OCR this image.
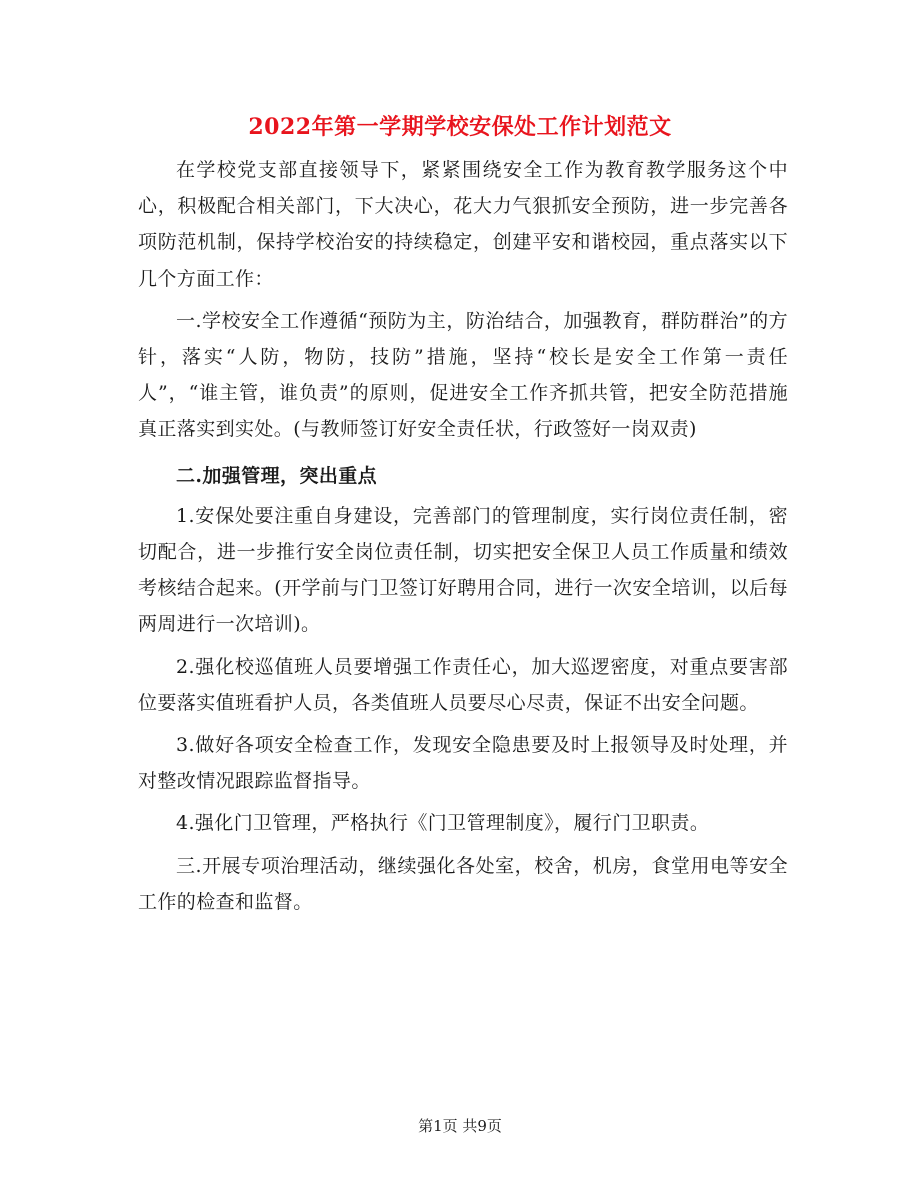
2022年第一学期学校安保处工作计划范文

在学校党支部直接领导下，紧紧围绕安全工作为教育教学服务这个中心，积极配合相关部门，下大决心，花大力气狠抓安全预防，进一步完善各项防范机制，保持学校治安的持续稳定，创建平安和谐校园，重点落实以下几个方面工作：

一.学校安全工作遵循“预防为主，防治结合，加强教育，群防群治”的方针，落实“人防，物防，技防”措施，坚持“校长是安全工作第一责任人”，“谁主管，谁负责”的原则，促进安全工作齐抓共管，把安全防范措施真正落实到实处。(与教师签订好安全责任状，行政签好一岗双责)

二.加强管理，突出重点

1.安保处要注重自身建设，完善部门的管理制度，实行岗位责任制，密切配合，进一步推行安全岗位责任制，切实把安全保卫人员工作质量和绩效考核结合起来。(开学前与门卫签订好聘用合同，进行一次安全培训，以后每两周进行一次培训)。

2.强化校巡值班人员要增强工作责任心，加大巡逻密度，对重点要害部位要落实值班看护人员，各类值班人员要尽心尽责，保证不出安全问题。

3.做好各项安全检查工作，发现安全隐患要及时上报领导及时处理，并对整改情况跟踪监督指导。

4.强化门卫管理，严格执行《门卫管理制度》，履行门卫职责。

三.开展专项治理活动，继续强化各处室，校舍，机房，食堂用电等安全工作的检查和监督。

第1页 共9页
